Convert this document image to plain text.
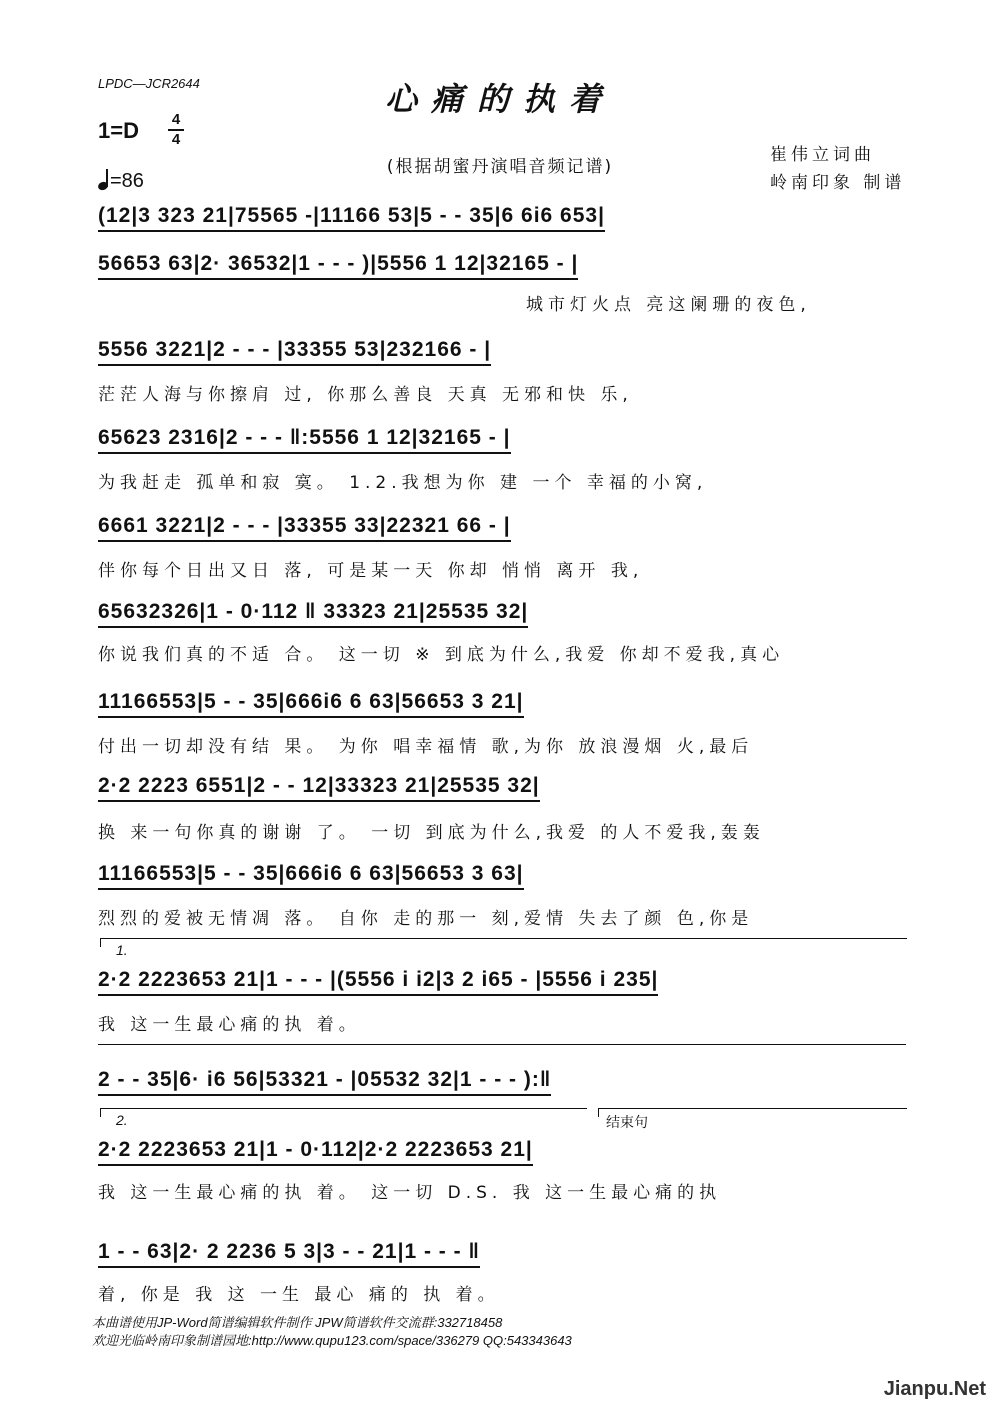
LPDC—JCR2644	心痛的执着
1=D 4
4
=86
(根据胡蜜丹演唱音频记谱)
崔伟立词曲
岭南印象 制谱
(12|3 323 21|75565 -|11166 53|5 - - 35|6 6i6 653|
56653 63|2· 36532|1 - - - )|5556 1 12|32165 - |
城市灯火点 亮这阑珊的夜色,
5556 3221|2 - - - |33355 53|232166 - |
茫茫人海与你擦肩 过, 你那么善良 天真 无邪和快 乐,
65623 2316|2 - - - ‖:5556 1 12|32165 - |
为我赶走 孤单和寂 寞。 1.2.我想为你 建 一个 幸福的小窝,
6661 3221|2 - - - |33355 33|22321 66 - |
伴你每个日出又日 落, 可是某一天 你却 悄悄 离开 我,
65632326|1 - 0·112 ‖ 33323 21|25535 32|
你说我们真的不适 合。 这一切 ※ 到底为什么,我爱 你却不爱我,真心
11166553|5 - - 35|666i6 6 63|56653 3 21|
付出一切却没有结 果。 为你 唱幸福情 歌,为你 放浪漫烟 火,最后
2·2 2223 6551|2 - - 12|33323 21|25535 32|
换 来一句你真的谢谢 了。 一切 到底为什么,我爱 的人不爱我,轰轰
11166553|5 - - 35|666i6 6 63|56653 3 63|
烈烈的爱被无情凋 落。 自你 走的那一 刻,爱情 失去了颜 色,你是
1.
2·2 2223653 21|1 - - - |(5556 i i2|3 2 i65 - |5556 i 235|
我 这一生最心痛的执 着。
2 - - 35|6· i6 56|53321 - |05532 32|1 - - - ):‖
2.	结束句
2·2 2223653 21|1 - 0·112|2·2 2223653 21|
我 这一生最心痛的执 着。 这一切 D.S. 我 这一生最心痛的执
1 - - 63|2· 2 2236 5 3|3 - - 21|1 - - - ‖
着, 你是 我 这 一生 最心 痛的 执 着。
本曲谱使用JP-Word简谱编辑软件制作 JPW简谱软件交流群:332718458
欢迎光临岭南印象制谱园地:http://www.qupu123.com/space/336279 QQ:543343643
Jianpu.Net
